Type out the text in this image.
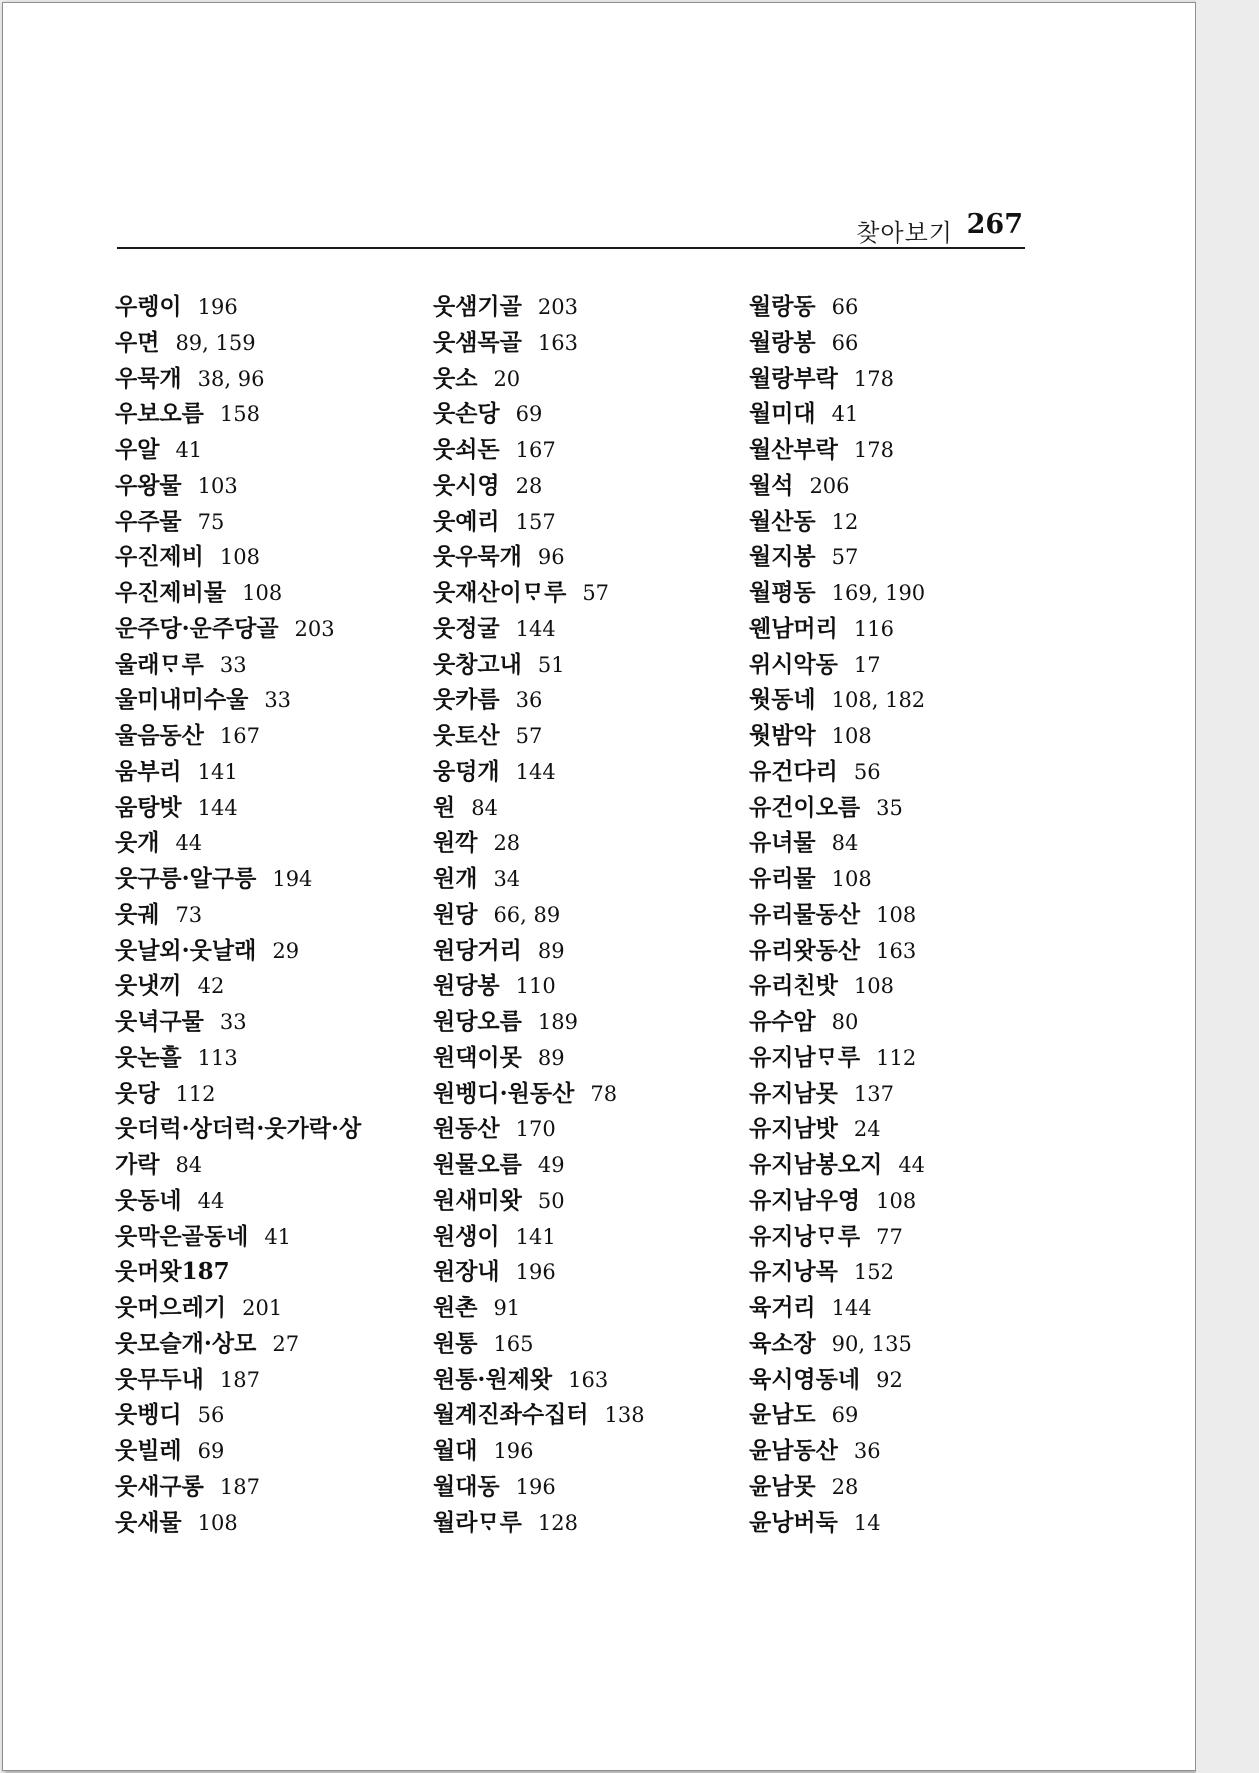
찾아보기 267
우렝이 196
우면 89, 159
우묵개 38, 96
우보오름 158
우알 41
우왕물 103
우주물 75
우진제비 108
우진제비물 108
운주당·운주당골 203
울래ᄆᆞ루 33
울미내미수울 33
울음동산 167
움부리 141
움탕밧 144
웃개 44
웃구릉·알구릉 194
웃궤 73
웃날외·웃날래 29
웃냇끼 42
웃녁구물 33
웃논흘 113
웃당 112
웃더럭·상더럭·웃가락·상
가락 84
웃동네 44
웃막은골동네 41
웃머왓187
웃머으레기 201
웃모슬개·상모 27
웃무두내 187
웃벵디 56
웃빌레 69
웃새구롱 187
웃새물 108
웃샘기골 203
웃샘목골 163
웃소 20
웃손당 69
웃쇠돈 167
웃시영 28
웃예리 157
웃우묵개 96
웃재산이ᄆᆞ루 57
웃정굴 144
웃창고내 51
웃카름 36
웃토산 57
웅덩개 144
원 84
원깍 28
원개 34
원당 66, 89
원당거리 89
원당봉 110
원당오름 189
원댁이못 89
원벵디·원동산 78
원동산 170
원물오름 49
원새미왓 50
원생이 141
원장내 196
원촌 91
원통 165
원통·원제왓 163
월계진좌수집터 138
월대 196
월대동 196
월라ᄆᆞ루 128
월랑동 66
월랑봉 66
월랑부락 178
월미대 41
월산부락 178
월석 206
월산동 12
월지봉 57
월평동 169, 190
웬남머리 116
위시악동 17
웟동네 108, 182
웟밤악 108
유건다리 56
유건이오름 35
유녀물 84
유리물 108
유리물동산 108
유리왓동산 163
유리친밧 108
유수암 80
유지남ᄆᆞ루 112
유지남못 137
유지남밧 24
유지남봉오지 44
유지남우영 108
유지낭ᄆᆞ루 77
유지낭목 152
육거리 144
육소장 90, 135
육시영동네 92
윤남도 69
윤남동산 36
윤남못 28
윤낭버둑 14
